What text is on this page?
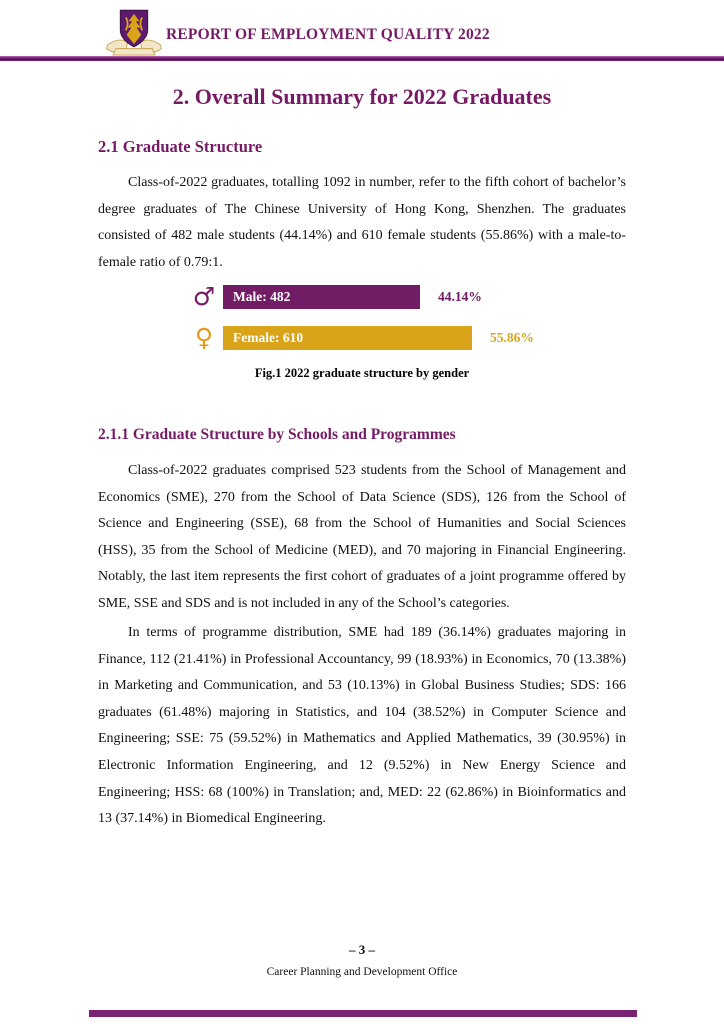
REPORT OF EMPLOYMENT QUALITY 2022
2. Overall Summary for 2022 Graduates
2.1 Graduate Structure
Class-of-2022 graduates, totalling 1092 in number, refer to the fifth cohort of bachelor’s degree graduates of The Chinese University of Hong Kong, Shenzhen. The graduates consisted of 482 male students (44.14%) and 610 female students (55.86%) with a male-to-female ratio of 0.79:1.
♂	Male: 482	44.14%
♀	Female: 610	55.86%
Fig.1 2022 graduate structure by gender
2.1.1 Graduate Structure by Schools and Programmes
Class-of-2022 graduates comprised 523 students from the School of Management and Economics (SME), 270 from the School of Data Science (SDS), 126 from the School of Science and Engineering (SSE), 68 from the School of Humanities and Social Sciences (HSS), 35 from the School of Medicine (MED), and 70 majoring in Financial Engineering. Notably, the last item represents the first cohort of graduates of a joint programme offered by SME, SSE and SDS and is not included in any of the School’s categories.
In terms of programme distribution, SME had 189 (36.14%) graduates majoring in Finance, 112 (21.41%) in Professional Accountancy, 99 (18.93%) in Economics, 70 (13.38%) in Marketing and Communication, and 53 (10.13%) in Global Business Studies; SDS: 166 graduates (61.48%) majoring in Statistics, and 104 (38.52%) in Computer Science and Engineering; SSE: 75 (59.52%) in Mathematics and Applied Mathematics, 39 (30.95%) in Electronic Information Engineering, and 12 (9.52%) in New Energy Science and Engineering; HSS: 68 (100%) in Translation; and, MED: 22 (62.86%) in Bioinformatics and 13 (37.14%) in Biomedical Engineering.
– 3 –
Career Planning and Development Office
